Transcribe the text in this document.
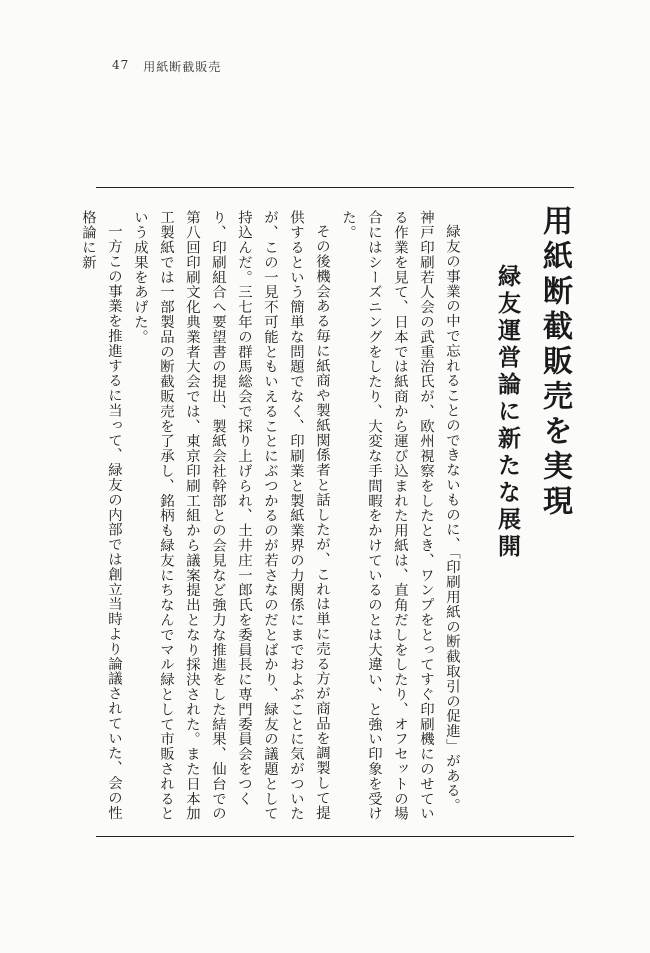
47 用紙断截販売
用紙断截販売を実現
緑友運営論に新たな展開

緑友の事業の中で忘れることのできないものに、「印刷用紙の断截取引の促進」がある。神戸印刷若人会の武重治氏が、欧州視察をしたとき、ワンプをとってすぐ印刷機にのせている作業を見て、日本では紙商から運び込まれた用紙は、直角だしをしたり、オフセットの場合にはシーズニングをしたり、大変な手間暇をかけているのとは大違い、と強い印象を受けた。

その後機会ある毎に紙商や製紙関係者と話したが、これは単に売る方が商品を調製して提供するという簡単な問題でなく、印刷業と製紙業界の力関係にまでおよぶことに気がついたが、この一見不可能ともいえることにぶつかるのが若さなのだとばかり、緑友の議題として持込んだ。三七年の群馬総会で採り上げられ、土井庄一郎氏を委員長に専門委員会をつくり、印刷組合へ要望書の提出、製紙会社幹部との会見など強力な推進をした結果、仙台での第八回印刷文化典業者大会では、東京印刷工組から議案提出となり採決された。また日本加工製紙では一部製品の断截販売を了承し、銘柄も緑友にちなんでマル緑として市販されるという成果をあげた。

一方この事業を推進するに当って、緑友の内部では創立当時より論議されていた、会の性格論に新
